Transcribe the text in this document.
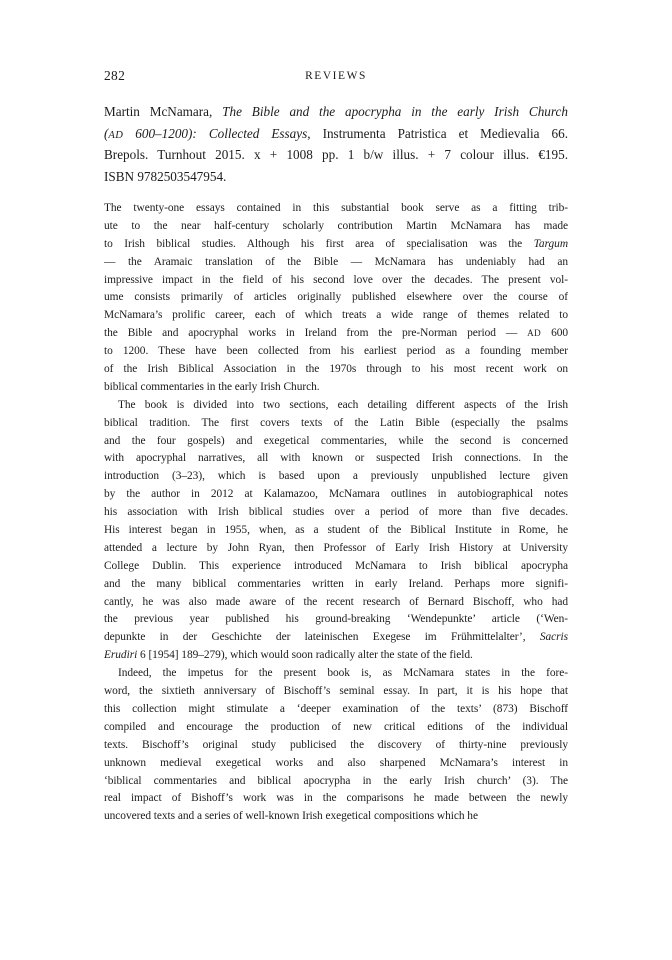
282	REVIEWS
Martin McNamara, The Bible and the apocrypha in the early Irish Church
(AD 600–1200): Collected Essays, Instrumenta Patristica et Medievalia 66.
Brepols. Turnhout 2015. x + 1008 pp. 1 b/w illus. + 7 colour illus. €195.
ISBN 9782503547954.
The twenty-one essays contained in this substantial book serve as a fitting trib-
ute to the near half-century scholarly contribution Martin McNamara has made
to Irish biblical studies. Although his first area of specialisation was the Targum
— the Aramaic translation of the Bible — McNamara has undeniably had an
impressive impact in the field of his second love over the decades. The present vol-
ume consists primarily of articles originally published elsewhere over the course of
McNamara’s prolific career, each of which treats a wide range of themes related to
the Bible and apocryphal works in Ireland from the pre-Norman period — AD 600
to 1200. These have been collected from his earliest period as a founding member
of the Irish Biblical Association in the 1970s through to his most recent work on
biblical commentaries in the early Irish Church.
The book is divided into two sections, each detailing different aspects of the Irish
biblical tradition. The first covers texts of the Latin Bible (especially the psalms
and the four gospels) and exegetical commentaries, while the second is concerned
with apocryphal narratives, all with known or suspected Irish connections. In the
introduction (3–23), which is based upon a previously unpublished lecture given
by the author in 2012 at Kalamazoo, McNamara outlines in autobiographical notes
his association with Irish biblical studies over a period of more than five decades.
His interest began in 1955, when, as a student of the Biblical Institute in Rome, he
attended a lecture by John Ryan, then Professor of Early Irish History at University
College Dublin. This experience introduced McNamara to Irish biblical apocrypha
and the many biblical commentaries written in early Ireland. Perhaps more signifi-
cantly, he was also made aware of the recent research of Bernard Bischoff, who had
the previous year published his ground-breaking ‘Wendepunkte’ article (‘Wen-
depunkte in der Geschichte der lateinischen Exegese im Frühmittelalter’, Sacris
Erudiri 6 [1954] 189–279), which would soon radically alter the state of the field.
Indeed, the impetus for the present book is, as McNamara states in the fore-
word, the sixtieth anniversary of Bischoff’s seminal essay. In part, it is his hope that
this collection might stimulate a ‘deeper examination of the texts’ (873) Bischoff
compiled and encourage the production of new critical editions of the individual
texts. Bischoff’s original study publicised the discovery of thirty-nine previously
unknown medieval exegetical works and also sharpened McNamara’s interest in
‘biblical commentaries and biblical apocrypha in the early Irish church’ (3). The
real impact of Bishoff’s work was in the comparisons he made between the newly
uncovered texts and a series of well-known Irish exegetical compositions which he
